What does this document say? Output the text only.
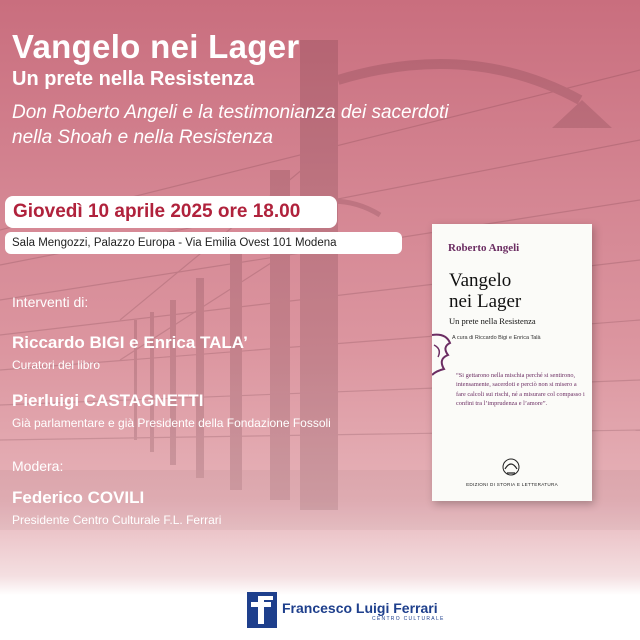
Vangelo nei Lager
Un prete nella Resistenza
Don Roberto Angeli e la testimonianza dei sacerdoti
nella Shoah e nella Resistenza
Giovedì 10 aprile 2025 ore 18.00
Sala Mengozzi, Palazzo Europa - Via Emilia Ovest 101 Modena
Interventi di:
Riccardo BIGI e Enrica TALA’
Curatori del libro
Pierluigi CASTAGNETTI
Già parlamentare e già Presidente della Fondazione Fossoli
Modera:
Federico COVILI
Presidente Centro Culturale F.L. Ferrari
Roberto Angeli
Vangelo
nei Lager
Un prete nella Resistenza
A cura di Riccardo Bigi e Enrica Talà
“Si gettarono nella mischia perché si sentirono, intensamente, sacerdoti e perciò non si misero a fare calcoli sui rischi, né a misurare col compasso i confini tra l’imprudenza e l’amore”.
EDIZIONI DI STORIA E LETTERATURA
Francesco Luigi Ferrari
CENTRO CULTURALE
